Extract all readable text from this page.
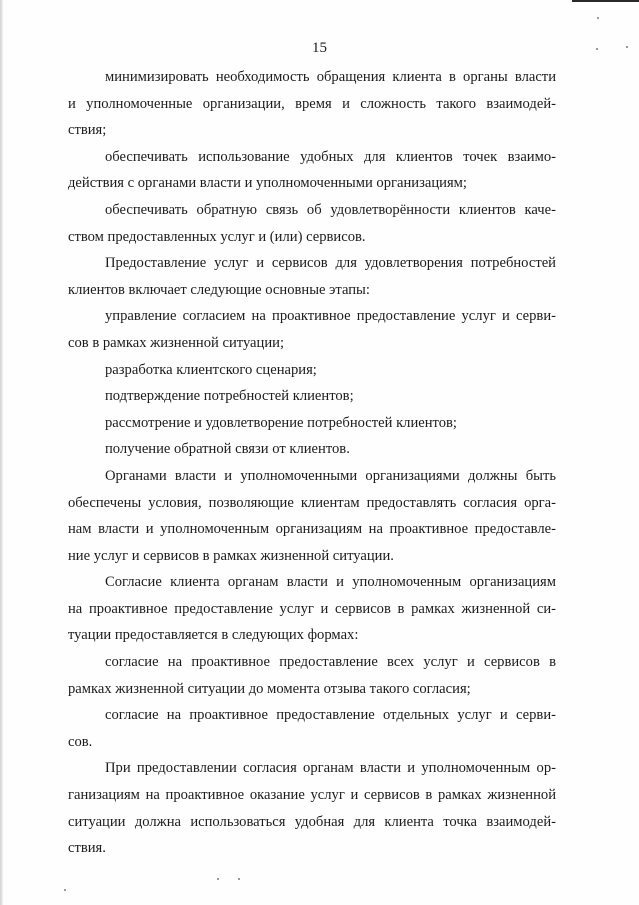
15
минимизировать необходимость обращения клиента в органы власти
и уполномоченные организации, время и сложность такого взаимодей-
ствия;
обеспечивать использование удобных для клиентов точек взаимо-
действия с органами власти и уполномоченными организациям;
обеспечивать обратную связь об удовлетворённости клиентов каче-
ством предоставленных услуг и (или) сервисов.
Предоставление услуг и сервисов для удовлетворения потребностей
клиентов включает следующие основные этапы:
управление согласием на проактивное предоставление услуг и серви-
сов в рамках жизненной ситуации;
разработка клиентского сценария;
подтверждение потребностей клиентов;
рассмотрение и удовлетворение потребностей клиентов;
получение обратной связи от клиентов.
Органами власти и уполномоченными организациями должны быть
обеспечены условия, позволяющие клиентам предоставлять согласия орга-
нам власти и уполномоченным организациям на проактивное предоставле-
ние услуг и сервисов в рамках жизненной ситуации.
Согласие клиента органам власти и уполномоченным организациям
на проактивное предоставление услуг и сервисов в рамках жизненной си-
туации предоставляется в следующих формах:
согласие на проактивное предоставление всех услуг и сервисов в
рамках жизненной ситуации до момента отзыва такого согласия;
согласие на проактивное предоставление отдельных услуг и серви-
сов.
При предоставлении согласия органам власти и уполномоченным ор-
ганизациям на проактивное оказание услуг и сервисов в рамках жизненной
ситуации должна использоваться удобная для клиента точка взаимодей-
ствия.
